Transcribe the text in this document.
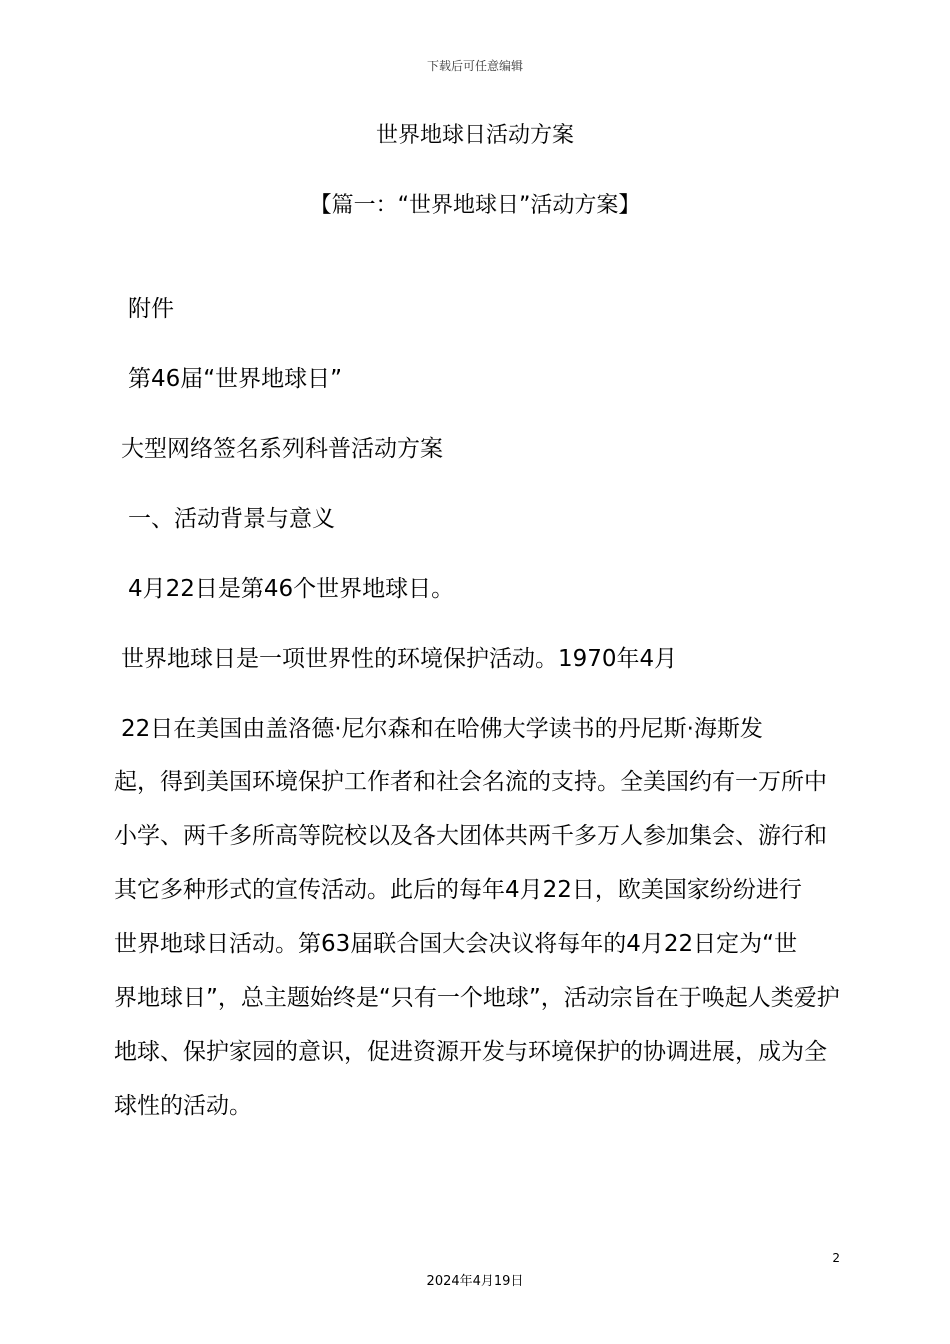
下载后可任意编辑
世界地球日活动方案
【篇一：“世界地球日”活动方案】
附件
第46届“世界地球日”
大型网络签名系列科普活动方案
一、活动背景与意义
4月22日是第46个世界地球日。
世界地球日是一项世界性的环境保护活动。1970年4月
22日在美国由盖洛德·尼尔森和在哈佛大学读书的丹尼斯·海斯发
起，得到美国环境保护工作者和社会名流的支持。全美国约有一万所中
小学、两千多所高等院校以及各大团体共两千多万人参加集会、游行和
其它多种形式的宣传活动。此后的每年4月22日，欧美国家纷纷进行
世界地球日活动。第63届联合国大会决议将每年的4月22日定为“世
界地球日”，总主题始终是“只有一个地球”，活动宗旨在于唤起人类爱护
地球、保护家园的意识，促进资源开发与环境保护的协调进展，成为全
球性的活动。
2
2024年4月19日
